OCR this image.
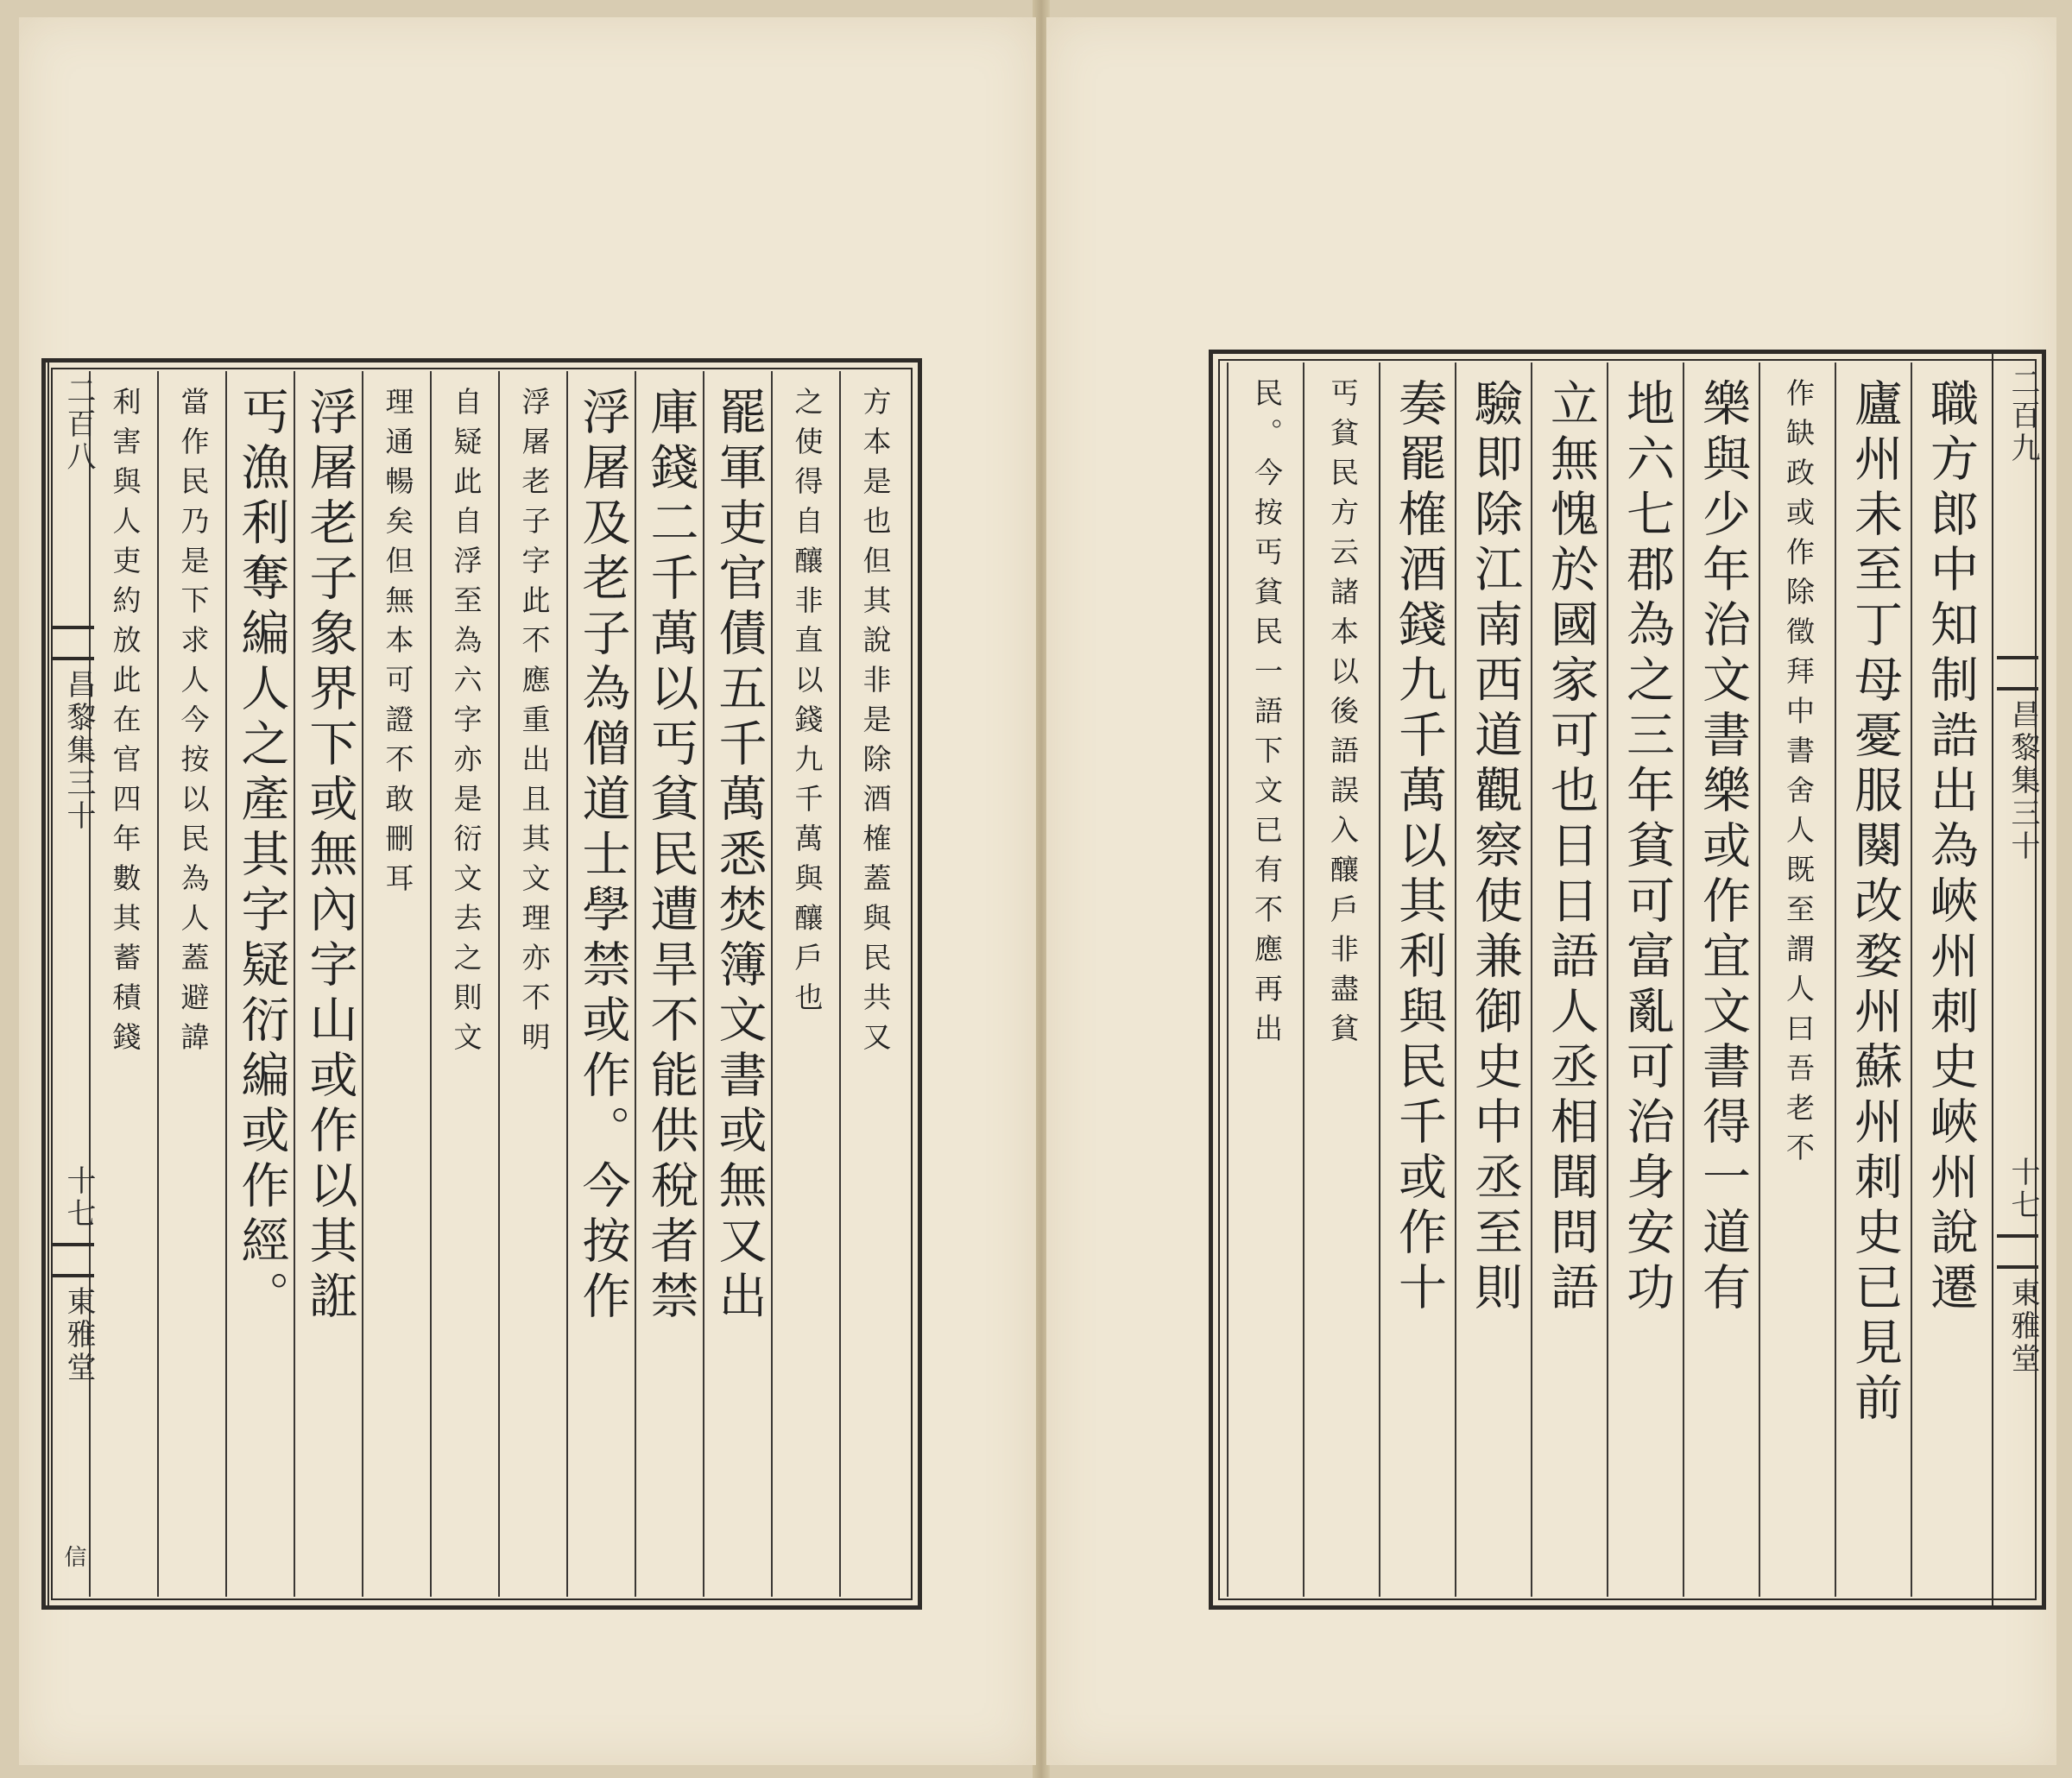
方本是也但其說非是除酒榷蓋與民共又
之使得自釀非直以錢九千萬與釀戶也
罷軍吏官債五千萬悉焚簿文書或無又出
庫錢二千萬以丐貧民遭旱不能供稅者禁
浮屠及老子為僧道士學禁或作。今按作
浮屠老子字此不應重出且其文理亦不明
自疑此自浮至為六字亦是衍文去之則文
理通暢矣但無本可證不敢刪耳
浮屠老子象界下或無內字山或作以其誑
丐漁利奪編人之產其字疑衍編或作經。
當作民乃是下求人今按以民為人蓋避諱
利害與人吏約放此在官四年數其蓄積錢
二百八
昌黎集三十
十七
東雅堂
信
職方郎中知制誥出為峽州刺史峽州說遷
廬州未至丁母憂服闋改婺州蘇州刺史已見前
作缺政或作除徵拜中書舍人既至謂人曰吾老不
樂與少年治文書樂或作宜文書得一道有
地六七郡為之三年貧可富亂可治身安功
立無愧於國家可也日日語人丞相聞問語
驗即除江南西道觀察使兼御史中丞至則
奏罷榷酒錢九千萬以其利與民千或作十
丐貧民方云諸本以後語誤入釀戶非盡貧
民。今按丐貧民一語下文已有不應再出	二百九
昌黎集三十
十七
東雅堂
